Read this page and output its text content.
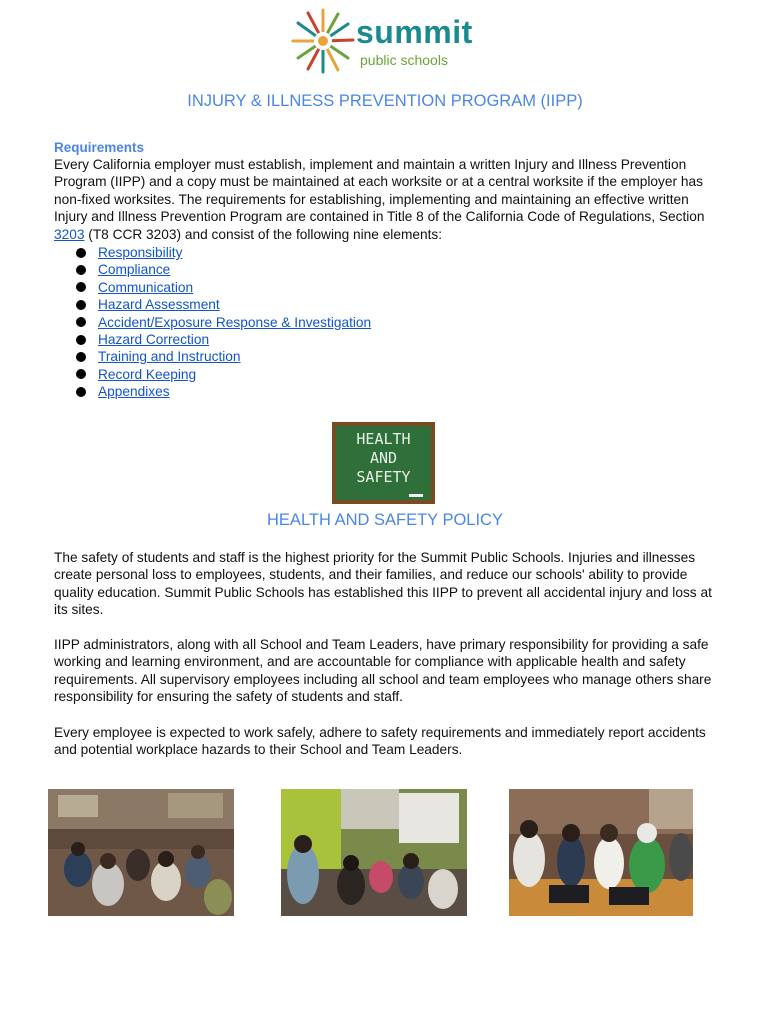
summit
public schools
INJURY & ILLNESS PREVENTION PROGRAM (IIPP)
Requirements
Every California employer must establish, implement and maintain a written Injury and Illness Prevention Program (IIPP) and a copy must be maintained at each worksite or at a central worksite if the employer has non-fixed worksites. The requirements for establishing, implementing and maintaining an effective written Injury and Illness Prevention Program are contained in Title 8 of the California Code of Regulations, Section 3203 (T8 CCR 3203) and consist of the following nine elements:
Responsibility
Compliance
Communication
Hazard Assessment
Accident/Exposure Response & Investigation
Hazard Correction
Training and Instruction
Record Keeping
Appendixes
HEALTH
AND
SAFETY
HEALTH AND SAFETY POLICY

The safety of students and staff is the highest priority for the Summit Public Schools. Injuries and illnesses create personal loss to employees, students, and their families, and reduce our schools' ability to provide quality education. Summit Public Schools has established this IIPP to prevent all accidental injury and loss at its sites.

IIPP administrators, along with all School and Team Leaders, have primary responsibility for providing a safe working and learning environment, and are accountable for compliance with applicable health and safety requirements. All supervisory employees including all school and team employees who manage others share responsibility for ensuring the safety of students and staff.

Every employee is expected to work safely, adhere to safety requirements and immediately report accidents and potential workplace hazards to their School and Team Leaders.
